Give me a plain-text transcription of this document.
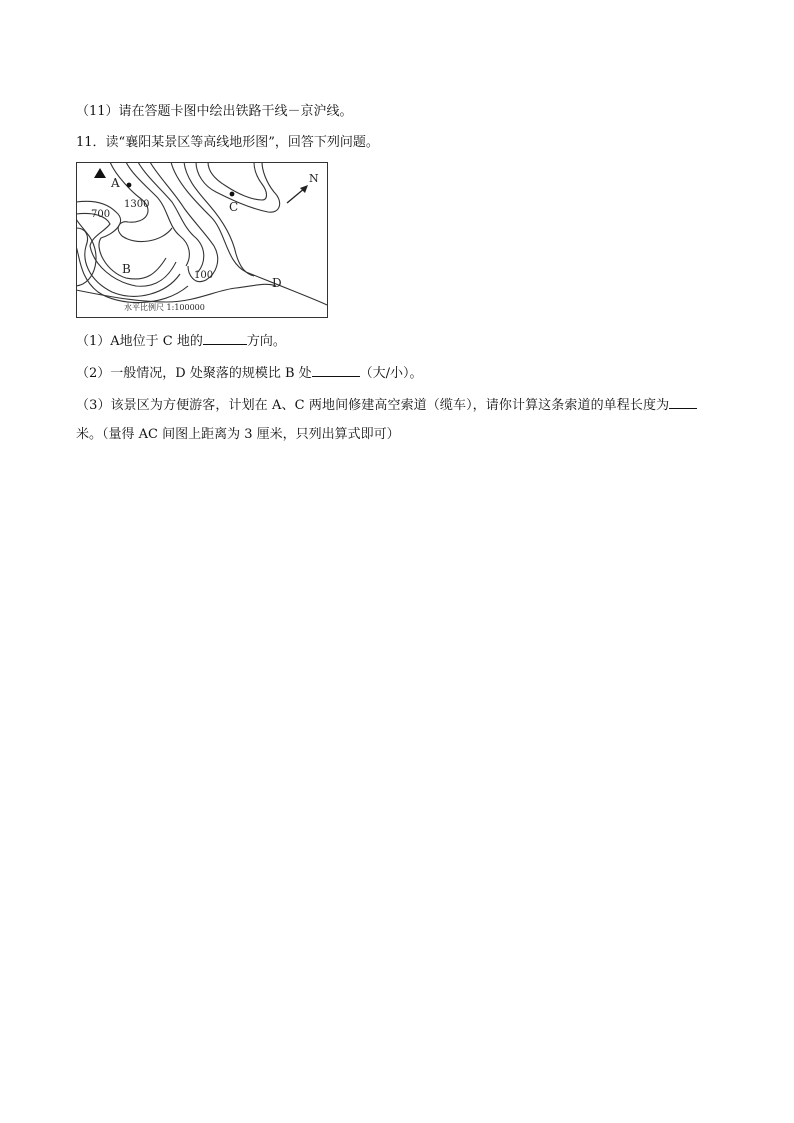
（11）请在答题卡图中绘出铁路干线－京沪线。
11．读“襄阳某景区等高线地形图”，回答下列问题。
N
A
B
C
D
1300
700
100
水平比例尺 1:100000
（1）A地位于 C 地的	方向。
（2）一般情况，D 处聚落的规模比 B 处	（大/小）。
（3）该景区为方便游客，计划在 A、C 两地间修建高空索道（缆车），请你计算这条索道的单程长度为
米。（量得 AC 间图上距离为 3 厘米，只列出算式即可）
